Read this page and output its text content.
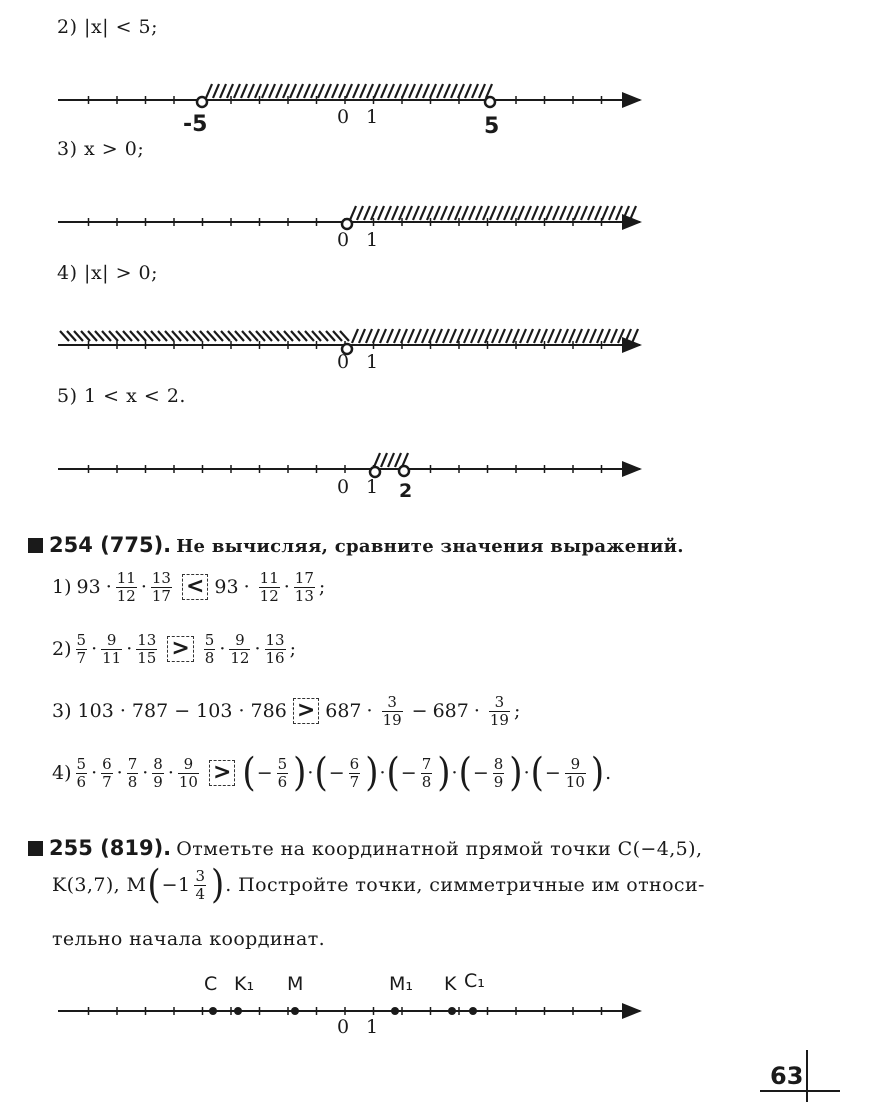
2) |x| < 5;
-5	0 1	5
3) x > 0;
0 1
4) |x| > 0;
0 1
5) 1 < x < 2.
0 1 2
254 (775). Не вычисляя, сравните значения выражений.
1) $93 \cdot \frac{11}{12} \cdot \frac{13}{17} < 93 \cdot \frac{11}{12} \cdot \frac{17}{13}$ ;
$2) \frac{5}{7} \cdot \frac{9}{11} \cdot \frac{13}{15} > \frac{5}{8} \cdot \frac{9}{12} \cdot \frac{13}{16}$ ;
3) $103 \cdot 787 - 103 \cdot 786 > 687 \cdot \frac{3}{19} - 687 \cdot \frac{3}{19}$ ;
$4) \frac{5}{6} \cdot \frac{6}{7} \cdot \frac{7}{8} \cdot \frac{8}{9} \cdot \frac{9}{10}$ > ( − $\frac{5}{6}$ ) · ( − $\frac{6}{7}$ ) · ( − $\frac{7}{8}$ ) · ( − $\frac{8}{9}$ ) · ( − $\frac{9}{10}$ ) .
255 (819). Отметьте на координатной прямой точки C(−4,5),
K(3,7), M ( $-1 \frac{3}{4}$ ) . Постройте точки, симметричные им относи-
тельно начала координат.
C K₁ M	M₁ K C₁
0 1
63
